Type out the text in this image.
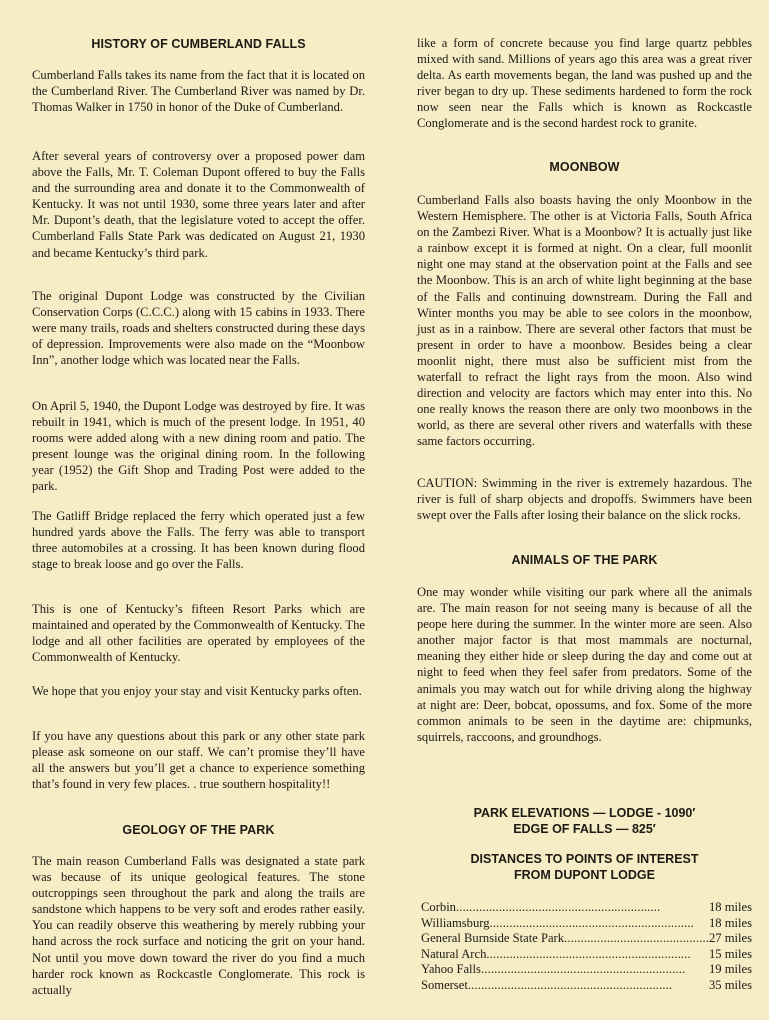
HISTORY OF CUMBERLAND FALLS

Cumberland Falls takes its name from the fact that it is located on the Cumberland River. The Cumberland River was named by Dr. Thomas Walker in 1750 in honor of the Duke of Cumberland.

After several years of controversy over a proposed power dam above the Falls, Mr. T. Coleman Dupont offered to buy the Falls and the surrounding area and donate it to the Commonwealth of Kentucky. It was not until 1930, some three years later and after Mr. Dupont’s death, that the legislature voted to accept the offer. Cumberland Falls State Park was dedicated on August 21, 1930 and became Kentucky’s third park.

The original Dupont Lodge was constructed by the Civilian Conservation Corps (C.C.C.) along with 15 cabins in 1933. There were many trails, roads and shelters constructed during these days of depression. Improvements were also made on the “Moonbow Inn”, another lodge which was located near the Falls.

On April 5, 1940, the Dupont Lodge was destroyed by fire. It was rebuilt in 1941, which is much of the present lodge. In 1951, 40 rooms were added along with a new dining room and patio. The present lounge was the original dining room. In the following year (1952) the Gift Shop and Trading Post were added to the park.

The Gatliff Bridge replaced the ferry which operated just a few hundred yards above the Falls. The ferry was able to transport three automobiles at a crossing. It has been known during flood stage to break loose and go over the Falls.

This is one of Kentucky’s fifteen Resort Parks which are maintained and operated by the Commonwealth of Kentucky. The lodge and all other facilities are operated by employees of the Commonwealth of Kentucky.

We hope that you enjoy your stay and visit Kentucky parks often.

If you have any questions about this park or any other state park please ask someone on our staff. We can’t promise they’ll have all the answers but you’ll get a chance to experience something that’s found in very few places. . true southern hospitality!!

GEOLOGY OF THE PARK

The main reason Cumberland Falls was designated a state park was because of its unique geological features. The stone outcroppings seen throughout the park and along the trails are sandstone which happens to be very soft and erodes rather easily. You can readily observe this weathering by merely rubbing your hand across the rock surface and noticing the grit on your hand. Not until you move down toward the river do you find a much harder rock known as Rockcastle Conglomerate. This rock is actually

like a form of concrete because you find large quartz pebbles mixed with sand. Millions of years ago this area was a great river delta. As earth movements began, the land was pushed up and the river began to dry up. These sediments hardened to form the rock now seen near the Falls which is known as Rockcastle Conglomerate and is the second hardest rock to granite.

MOONBOW

Cumberland Falls also boasts having the only Moonbow in the Western Hemisphere. The other is at Victoria Falls, South Africa on the Zambezi River. What is a Moonbow? It is actually just like a rainbow except it is formed at night. On a clear, full moonlit night one may stand at the observation point at the Falls and see the Moonbow. This is an arch of white light beginning at the base of the Falls and continuing downstream. During the Fall and Winter months you may be able to see colors in the moonbow, just as in a rainbow. There are several other factors that must be present in order to have a moonbow. Besides being a clear moonlit night, there must also be sufficient mist from the waterfall to refract the light rays from the moon. Also wind direction and velocity are factors which may enter into this. No one really knows the reason there are only two moonbows in the world, as there are several other rivers and waterfalls with these same factors occurring.

CAUTION: Swimming in the river is extremely hazardous. The river is full of sharp objects and dropoffs. Swimmers have been swept over the Falls after losing their balance on the slick rocks.

ANIMALS OF THE PARK

One may wonder while visiting our park where all the animals are. The main reason for not seeing many is because of all the peope here during the summer. In the winter more are seen. Also another major factor is that most mammals are nocturnal, meaning they either hide or sleep during the day and come out at night to feed when they feel safer from predators. Some of the animals you may watch out for while driving along the highway at night are: Deer, bobcat, opossums, and fox. Some of the more common animals to be seen in the daytime are: chipmunks, squirrels, raccoons, and groundhogs.

PARK ELEVATIONS — LODGE - 1090′
EDGE OF FALLS — 825′
DISTANCES TO POINTS OF INTEREST
FROM DUPONT LODGE
Corbin . . .	18 miles
Williamsburg . . .	18 miles
General Burnside State Park . . .	27 miles
Natural Arch . . .	15 miles
Yahoo Falls . . .	19 miles
Somerset . . .	35 miles
